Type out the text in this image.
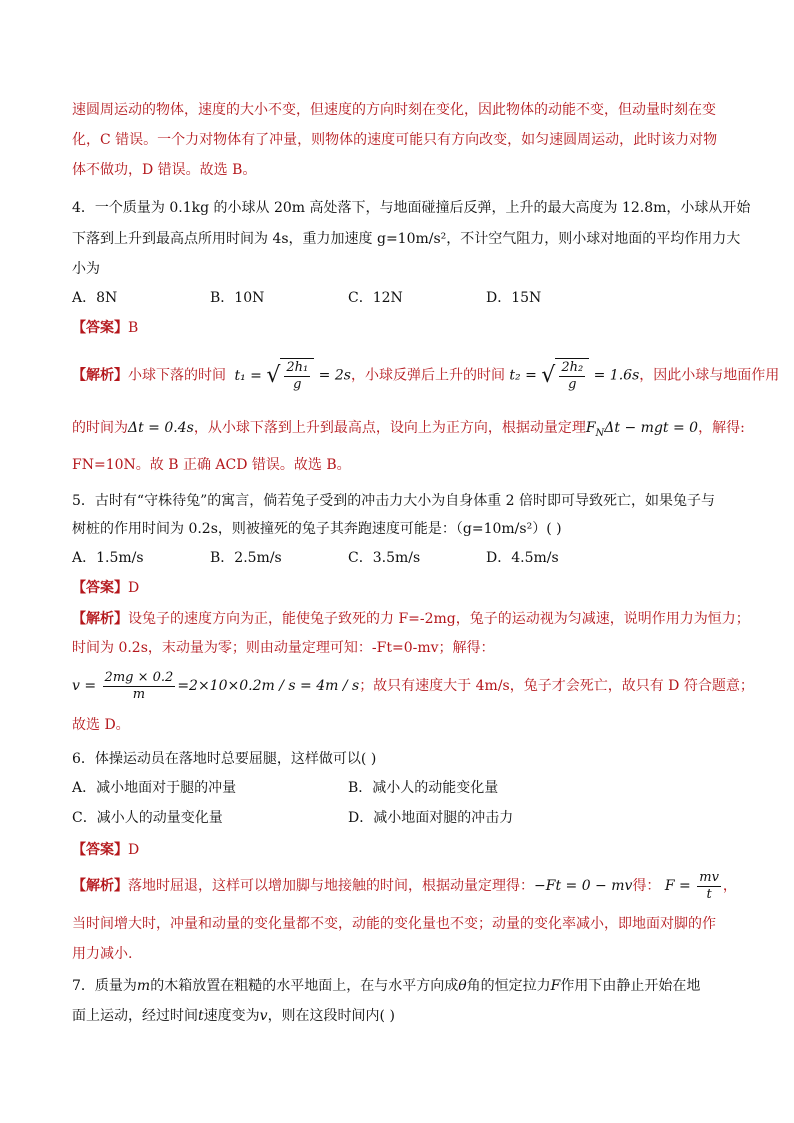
速圆周运动的物体，速度的大小不变，但速度的方向时刻在变化，因此物体的动能不变，但动量时刻在变
化，C 错误。一个力对物体有了冲量，则物体的速度可能只有方向改变，如匀速圆周运动，此时该力对物
体不做功，D 错误。故选 B。
4．一个质量为 0.1kg 的小球从 20m 高处落下，与地面碰撞后反弹，上升的最大高度为 12.8m，小球从开始
下落到上升到最高点所用时间为 4s，重力加速度 g=10m/s²，不计空气阻力，则小球对地面的平均作用力大
小为
A．8N	B．10N	C．12N	D．15N
【答案】B
【解析】小球下落的时间 t₁ = √ $\frac{\text{2h₁}}{g} = 2s$，小球反弹后上升的时间 t₂ = √ $\frac{\text{2h₂}}{g} = 1.6s$，因此小球与地面作用
的时间为Δt = 0.4s，从小球下落到上升到最高点，设向上为正方向，根据动量定理$F_N\Delta t$ − mgt = 0，解得:
FN=10N。故 B 正确 ACD 错误。故选 B。
5．古时有“守株待兔”的寓言，倘若兔子受到的冲击力大小为自身体重 2 倍时即可导致死亡，如果兔子与
树桩的作用时间为 0.2s，则被撞死的兔子其奔跑速度可能是：（g=10m/s²）( )
A．1.5m/s	B．2.5m/s	C．3.5m/s	D．4.5m/s
【答案】D
【解析】设兔子的速度方向为正，能使兔子致死的力 F=-2mg，兔子的运动视为匀减速，说明作用力为恒力；
时间为 0.2s，末动量为零；则由动量定理可知：-Ft=0-mv；解得：
$v = \frac{2mg \times 0.2}{m} =2\times 10\times 0.2m / s = 4m / s$；故只有速度大于 4m/s，兔子才会死亡，故只有 D 符合题意；
故选 D。
6．体操运动员在落地时总要屈腿，这样做可以( )
A．减小地面对于腿的冲量	B．减小人的动能变化量
C．减小人的动量变化量	D．减小地面对腿的冲击力
【答案】D
【解析】落地时屈退，这样可以增加脚与地接触的时间，根据动量定理得：−Ft = 0 − mv得： $F = \frac{mv}{t}$ ，
当时间增大时，冲量和动量的变化量都不变，动能的变化量也不变；动量的变化率减小，即地面对脚的作
用力减小.
7．质量为m的木箱放置在粗糙的水平地面上，在与水平方向成θ角的恒定拉力F作用下由静止开始在地
面上运动，经过时间t速度变为v，则在这段时间内( )
